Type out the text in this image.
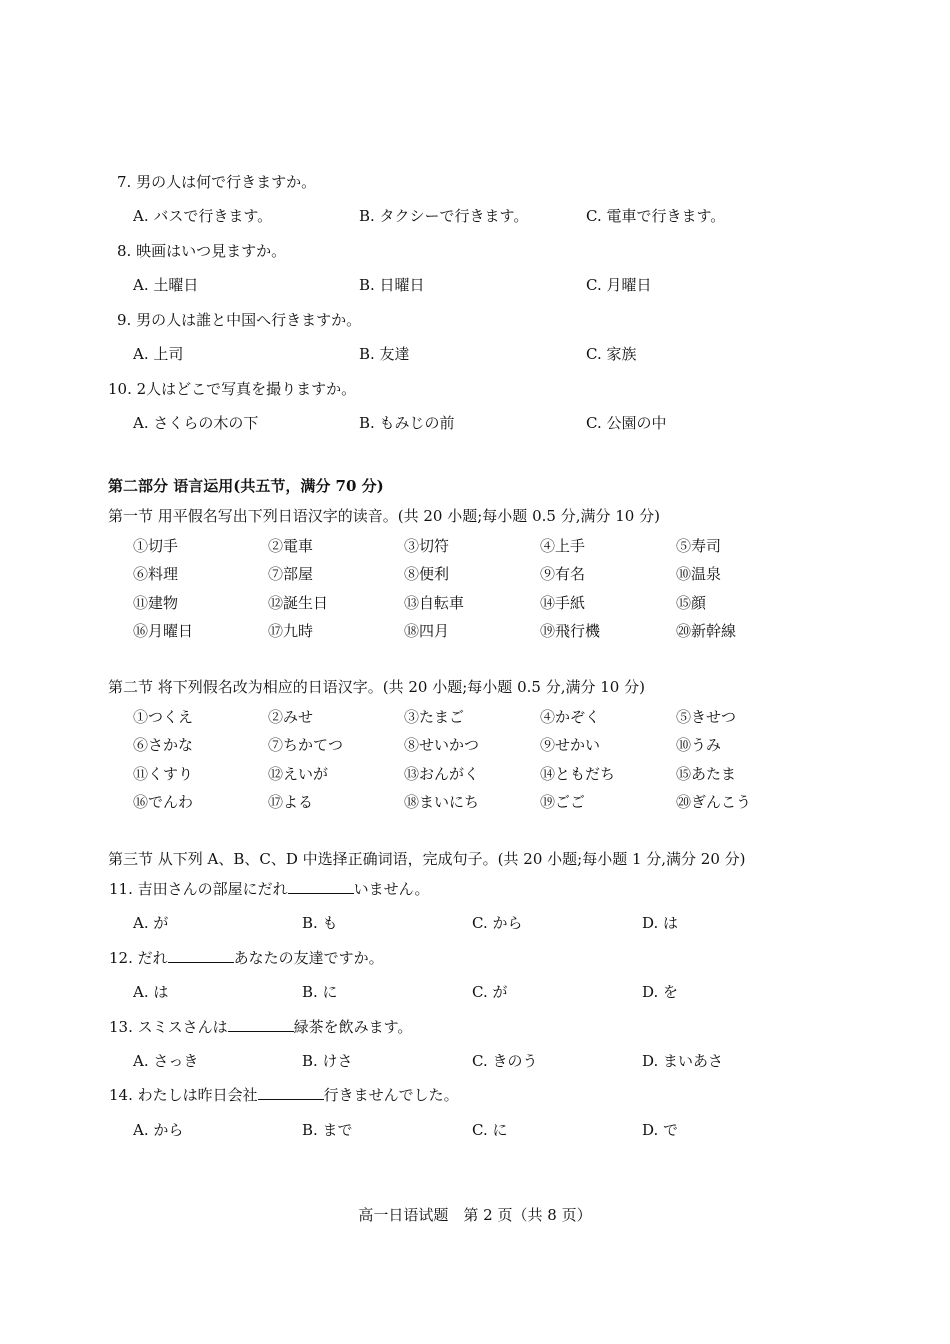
7. 男の人は何で行きますか。
A. バスで行きます。	B. タクシーで行きます。	C. 電車で行きます。
8. 映画はいつ見ますか。
A. 土曜日	B. 日曜日	C. 月曜日
9. 男の人は誰と中国へ行きますか。
A. 上司	B. 友達	C. 家族
10. 2人はどこで写真を撮りますか。
A. さくらの木の下	B. もみじの前	C. 公園の中
第二部分 语言运用(共五节，满分 70 分)
第一节 用平假名写出下列日语汉字的读音。(共 20 小题;每小题 0.5 分,满分 10 分)
①切手	②電車	③切符	④上手	⑤寿司
⑥料理	⑦部屋	⑧便利	⑨有名	⑩温泉
⑪建物	⑫誕生日	⑬自転車	⑭手紙	⑮顔
⑯月曜日	⑰九時	⑱四月	⑲飛行機	⑳新幹線
第二节 将下列假名改为相应的日语汉字。(共 20 小题;每小题 0.5 分,满分 10 分)
①つくえ	②みせ	③たまご	④かぞく	⑤きせつ
⑥さかな	⑦ちかてつ	⑧せいかつ	⑨せかい	⑩うみ
⑪くすり	⑫えいが	⑬おんがく	⑭ともだち	⑮あたま
⑯でんわ	⑰よる	⑱まいにち	⑲ごご	⑳ぎんこう
第三节 从下列 A、B、C、D 中选择正确词语，完成句子。(共 20 小题;每小题 1 分,满分 20 分)
11. 吉田さんの部屋にだれ	いません。
A. が	B. も	C. から	D. は
12. だれ	あなたの友達ですか。
A. は	B. に	C. が	D. を
13. スミスさんは	緑茶を飲みます。
A. さっき	B. けさ	C. きのう	D. まいあさ
14. わたしは昨日会社	行きませんでした。
A. から	B. まで	C. に	D. で
高一日语试题　第 2 页（共 8 页）
